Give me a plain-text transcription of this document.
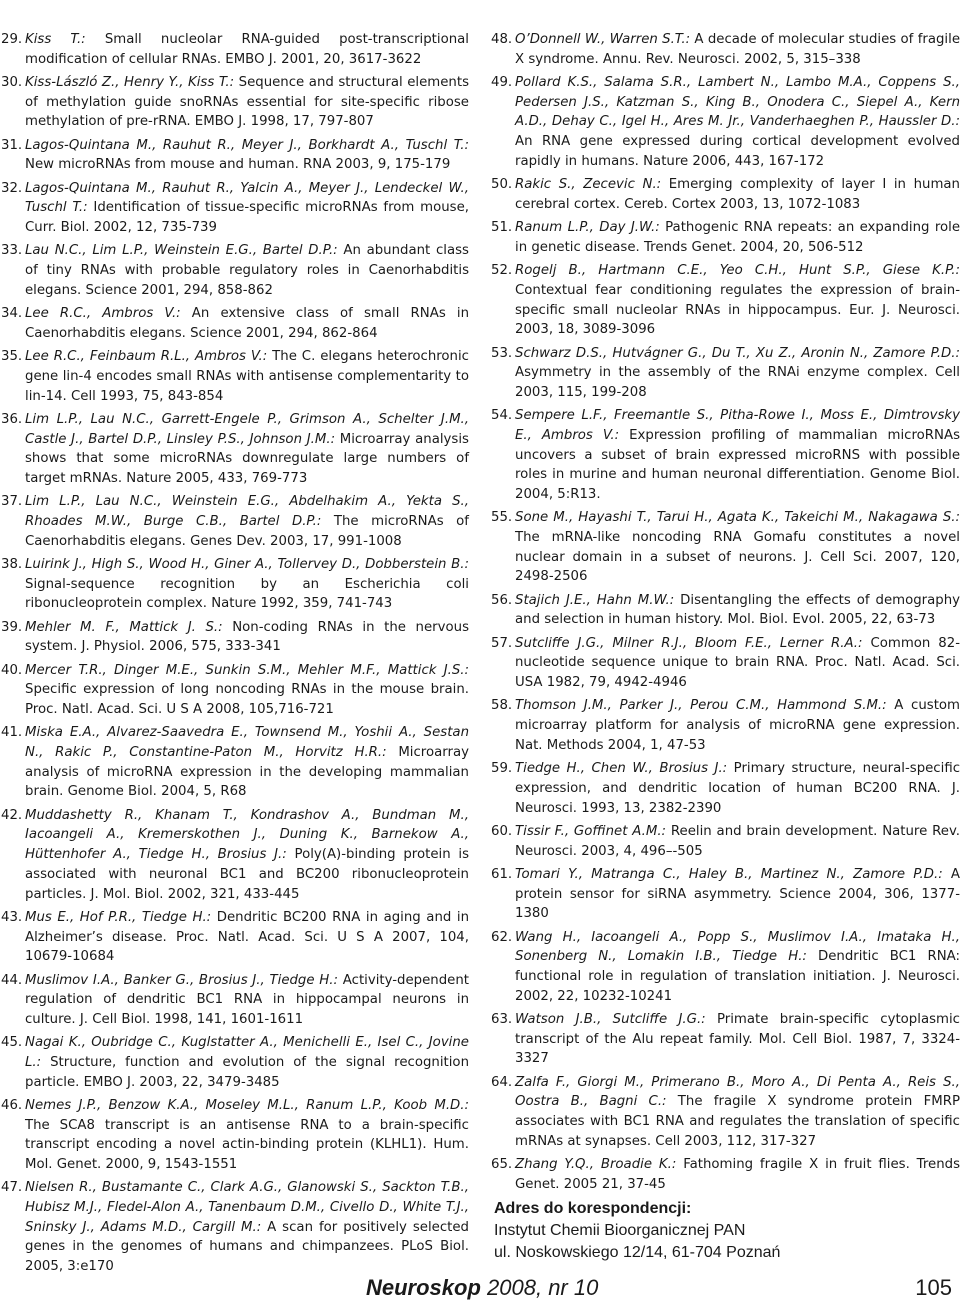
29. Kiss T.: Small nucleolar RNA-guided post-transcriptional modification of cellular RNAs. EMBO J. 2001, 20, 3617-3622
30. Kiss-László Z., Henry Y., Kiss T.: Sequence and structural elements of methylation guide snoRNAs essential for site-specific ribose methylation of pre-rRNA. EMBO J. 1998, 17, 797-807
31. Lagos-Quintana M., Rauhut R., Meyer J., Borkhardt A., Tuschl T.: New microRNAs from mouse and human. RNA 2003, 9, 175-179
32. Lagos-Quintana M., Rauhut R., Yalcin A., Meyer J., Lendeckel W., Tuschl T.: Identification of tissue-specific microRNAs from mouse, Curr. Biol. 2002, 12, 735-739
33. Lau N.C., Lim L.P., Weinstein E.G., Bartel D.P.: An abundant class of tiny RNAs with probable regulatory roles in Caenorhabditis elegans. Science 2001, 294, 858-862
34. Lee R.C., Ambros V.: An extensive class of small RNAs in Caenorhabditis elegans. Science 2001, 294, 862-864
35. Lee R.C., Feinbaum R.L., Ambros V.: The C. elegans heterochronic gene lin-4 encodes small RNAs with antisense complementarity to lin-14. Cell 1993, 75, 843-854
36. Lim L.P., Lau N.C., Garrett-Engele P., Grimson A., Schelter J.M., Castle J., Bartel D.P., Linsley P.S., Johnson J.M.: Microarray analysis shows that some microRNAs downregulate large numbers of target mRNAs. Nature 2005, 433, 769-773
37. Lim L.P., Lau N.C., Weinstein E.G., Abdelhakim A., Yekta S., Rhoades M.W., Burge C.B., Bartel D.P.: The microRNAs of Caenorhabditis elegans. Genes Dev. 2003, 17, 991-1008
38. Luirink J., High S., Wood H., Giner A., Tollervey D., Dobberstein B.: Signal-sequence recognition by an Escherichia coli ribonucleoprotein complex. Nature 1992, 359, 741-743
39. Mehler M. F., Mattick J. S.: Non-coding RNAs in the nervous system. J. Physiol. 2006, 575, 333-341
40. Mercer T.R., Dinger M.E., Sunkin S.M., Mehler M.F., Mattick J.S.: Specific expression of long noncoding RNAs in the mouse brain. Proc. Natl. Acad. Sci. U S A 2008, 105,716-721
41. Miska E.A., Alvarez-Saavedra E., Townsend M., Yoshii A., Sestan N., Rakic P., Constantine-Paton M., Horvitz H.R.: Microarray analysis of microRNA expression in the developing mammalian brain. Genome Biol. 2004, 5, R68
42. Muddashetty R., Khanam T., Kondrashov A., Bundman M., Iacoangeli A., Kremerskothen J., Duning K., Barnekow A., Hüttenhofer A., Tiedge H., Brosius J.: Poly(A)-binding protein is associated with neuronal BC1 and BC200 ribonucleoprotein particles. J. Mol. Biol. 2002, 321, 433-445
43. Mus E., Hof P.R., Tiedge H.: Dendritic BC200 RNA in aging and in Alzheimer’s disease. Proc. Natl. Acad. Sci. U S A 2007, 104, 10679-10684
44. Muslimov I.A., Banker G., Brosius J., Tiedge H.: Activity-dependent regulation of dendritic BC1 RNA in hippocampal neurons in culture. J. Cell Biol. 1998, 141, 1601-1611
45. Nagai K., Oubridge C., Kuglstatter A., Menichelli E., Isel C., Jovine L.: Structure, function and evolution of the signal recognition particle. EMBO J. 2003, 22, 3479-3485
46. Nemes J.P., Benzow K.A., Moseley M.L., Ranum L.P., Koob M.D.: The SCA8 transcript is an antisense RNA to a brain-specific transcript encoding a novel actin-binding protein (KLHL1). Hum. Mol. Genet. 2000, 9, 1543-1551
47. Nielsen R., Bustamante C., Clark A.G., Glanowski S., Sackton T.B., Hubisz M.J., Fledel-Alon A., Tanenbaum D.M., Civello D., White T.J., Sninsky J., Adams M.D., Cargill M.: A scan for positively selected genes in the genomes of humans and chimpanzees. PLoS Biol. 2005, 3:e170
48. O’Donnell W., Warren S.T.: A decade of molecular studies of fragile X syndrome. Annu. Rev. Neurosci. 2002, 5, 315–338
49. Pollard K.S., Salama S.R., Lambert N., Lambo M.A., Coppens S., Pedersen J.S., Katzman S., King B., Onodera C., Siepel A., Kern A.D., Dehay C., Igel H., Ares M. Jr., Vanderhaeghen P., Haussler D.: An RNA gene expressed during cortical development evolved rapidly in humans. Nature 2006, 443, 167-172
50. Rakic S., Zecevic N.: Emerging complexity of layer I in human cerebral cortex. Cereb. Cortex 2003, 13, 1072-1083
51. Ranum L.P., Day J.W.: Pathogenic RNA repeats: an expanding role in genetic disease. Trends Genet. 2004, 20, 506-512
52. Rogelj B., Hartmann C.E., Yeo C.H., Hunt S.P., Giese K.P.: Contextual fear conditioning regulates the expression of brain-specific small nucleolar RNAs in hippocampus. Eur. J. Neurosci. 2003, 18, 3089-3096
53. Schwarz D.S., Hutvágner G., Du T., Xu Z., Aronin N., Zamore P.D.: Asymmetry in the assembly of the RNAi enzyme complex. Cell 2003, 115, 199-208
54. Sempere L.F., Freemantle S., Pitha-Rowe I., Moss E., Dimtrovsky E., Ambros V.: Expression profiling of mammalian microRNAs uncovers a subset of brain expressed microRNS with possible roles in murine and human neuronal differentiation. Genome Biol. 2004, 5:R13.
55. Sone M., Hayashi T., Tarui H., Agata K., Takeichi M., Nakagawa S.: The mRNA-like noncoding RNA Gomafu constitutes a novel nuclear domain in a subset of neurons. J. Cell Sci. 2007, 120, 2498-2506
56. Stajich J.E., Hahn M.W.: Disentangling the effects of demography and selection in human history. Mol. Biol. Evol. 2005, 22, 63-73
57. Sutcliffe J.G., Milner R.J., Bloom F.E., Lerner R.A.: Common 82-nucleotide sequence unique to brain RNA. Proc. Natl. Acad. Sci. USA 1982, 79, 4942-4946
58. Thomson J.M., Parker J., Perou C.M., Hammond S.M.: A custom microarray platform for analysis of microRNA gene expression. Nat. Methods 2004, 1, 47-53
59. Tiedge H., Chen W., Brosius J.: Primary structure, neural-specific expression, and dendritic location of human BC200 RNA. J. Neurosci. 1993, 13, 2382-2390
60. Tissir F., Goffinet A.M.: Reelin and brain development. Nature Rev. Neurosci. 2003, 4, 496–-505
61. Tomari Y., Matranga C., Haley B., Martinez N., Zamore P.D.: A protein sensor for siRNA asymmetry. Science 2004, 306, 1377-1380
62. Wang H., Iacoangeli A., Popp S., Muslimov I.A., Imataka H., Sonenberg N., Lomakin I.B., Tiedge H.: Dendritic BC1 RNA: functional role in regulation of translation initiation. J. Neurosci. 2002, 22, 10232-10241
63. Watson J.B., Sutcliffe J.G.: Primate brain-specific cytoplasmic transcript of the Alu repeat family. Mol. Cell Biol. 1987, 7, 3324-3327
64. Zalfa F., Giorgi M., Primerano B., Moro A., Di Penta A., Reis S., Oostra B., Bagni C.: The fragile X syndrome protein FMRP associates with BC1 RNA and regulates the translation of specific mRNAs at synapses. Cell 2003, 112, 317-327
65. Zhang Y.Q., Broadie K.: Fathoming fragile X in fruit flies. Trends Genet. 2005 21, 37-45
Adres do korespondencji:
Instytut Chemii Bioorganicznej PAN
ul. Noskowskiego 12/14, 61-704 Poznań
Neuroskop 2008, nr 10	105
